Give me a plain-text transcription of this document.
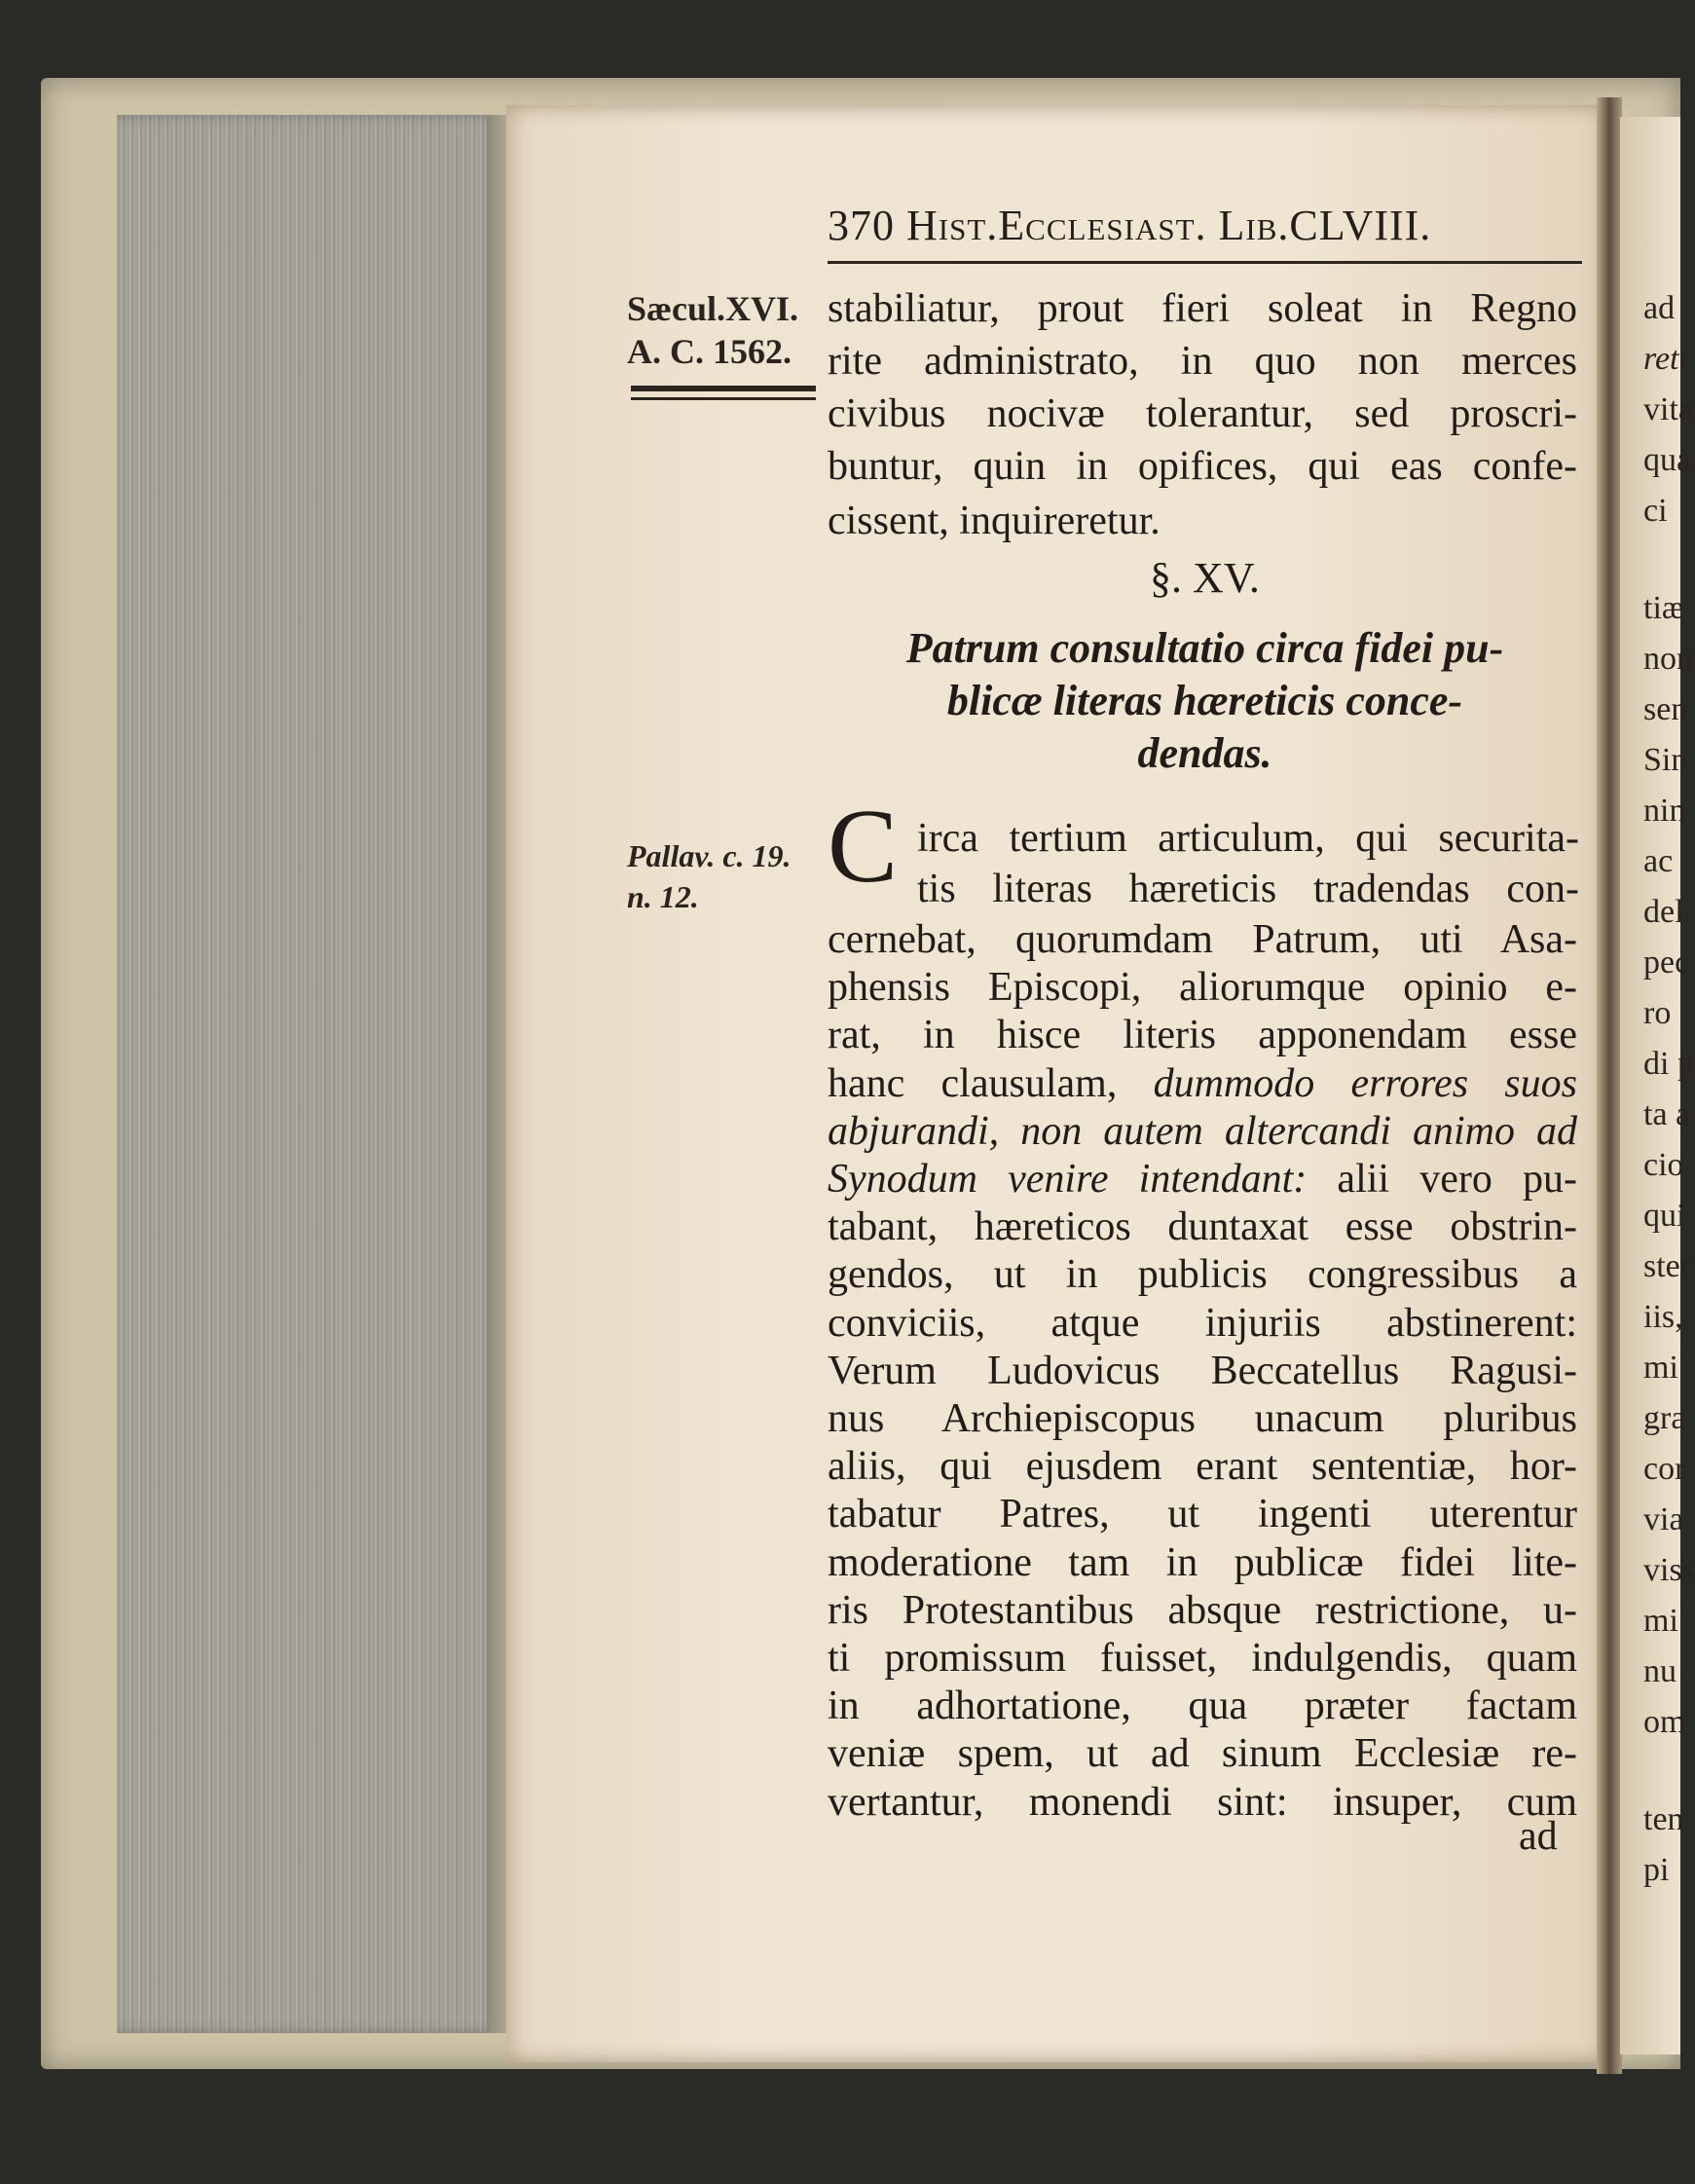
370 Hist.Ecclesiast. Lib.CLVIII.
Sæcul.XVI.
A. C. 1562.
stabiliatur, prout fieri soleat in Regno
rite administrato, in quo non merces
civibus nocivæ tolerantur, sed proscri-
buntur, quin in opifices, qui eas confe-
cissent, inquireretur.
§. XV.
Patrum consultatio circa fidei pu-
blicæ literas hæreticis conce-
dendas.
Pallav. c. 19.
n. 12.	C irca tertium articulum, qui securita-
tis literas hæreticis tradendas con-
cernebat, quorumdam Patrum, uti Asa-
phensis Episcopi, aliorumque opinio e-
rat, in hisce literis apponendam esse
hanc clausulam, dummodo errores suos
abjurandi, non autem altercandi animo ad
Synodum venire intendant: alii vero pu-
tabant, hæreticos duntaxat esse obstrin-
gendos, ut in publicis congressibus a
conviciis, atque injuriis abstinerent:
Verum Ludovicus Beccatellus Ragusi-
nus Archiepiscopus unacum pluribus
aliis, qui ejusdem erant sententiæ, hor-
tabatur Patres, ut ingenti uterentur
moderatione tam in publicæ fidei lite-
ris Protestantibus absque restrictione, u-
ti promissum fuisset, indulgendis, quam
in adhortatione, qua præter factam
veniæ spem, ut ad sinum Ecclesiæ re-
vertantur, monendi sint: insuper, cum
ad
ad
reti
vita
qua
ci
tiæ
non
sen
Sin
nin
ac
del
pec
ro
di p
ta a
cio
qui
ster
iis,
mi
gra
cor
via
viss
mi
nu
om
ten
pi
